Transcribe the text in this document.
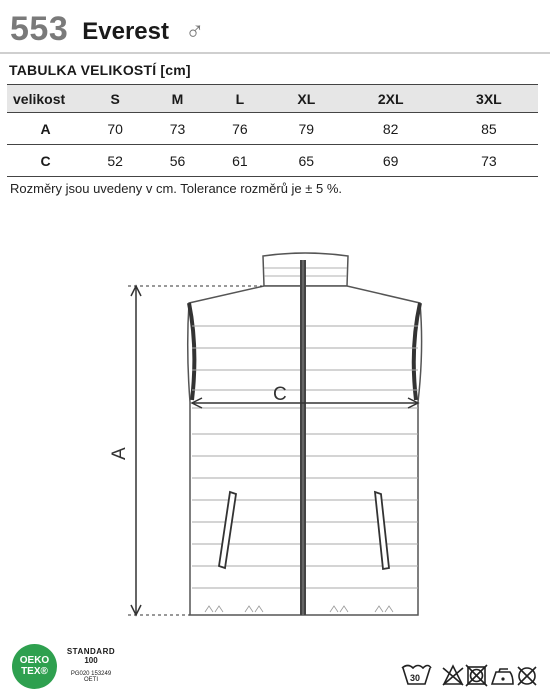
553 Everest ♂
TABULKA VELIKOSTÍ [cm]
velikost	S	M	L	XL	2XL	3XL
A	70	73	76	79	82	85
C	52	56	61	65	69	73
Rozměry jsou uvedeny v cm. Tolerance rozměrů je ± 5 %.
A
C
OEKO
TEX®
STANDARD
100
PG020 153249
OETI	30
